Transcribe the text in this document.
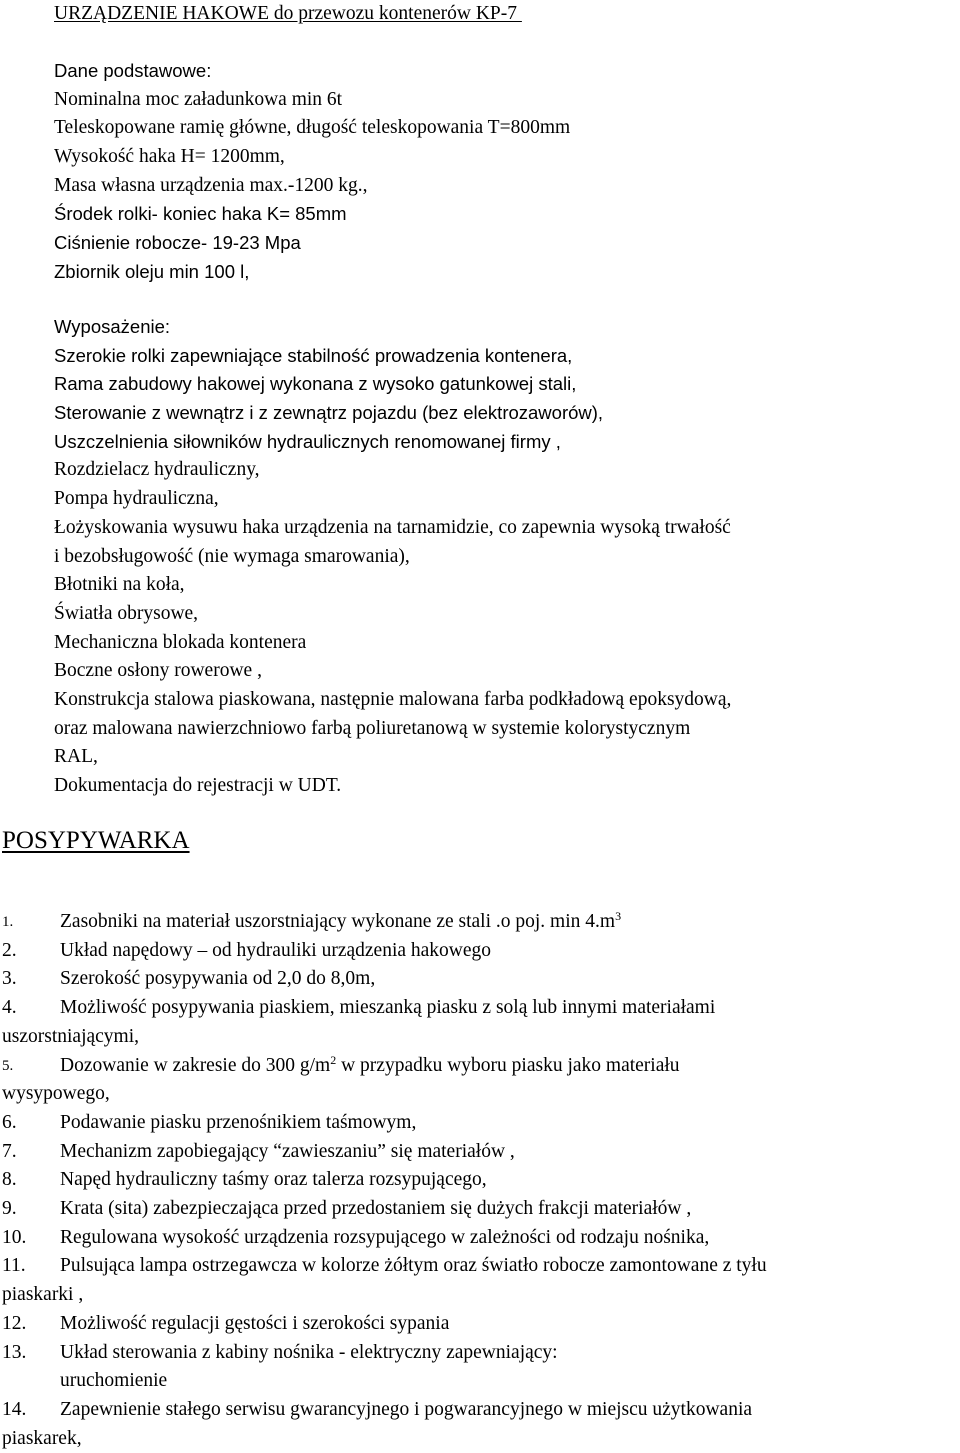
URZĄDZENIE HAKOWE do przewozu kontenerów KP-7
Dane podstawowe:
Nominalna moc załadunkowa min 6t
Teleskopowane ramię główne, długość teleskopowania T=800mm
Wysokość haka H= 1200mm,
Masa własna urządzenia max.-1200 kg.,
Środek rolki- koniec haka K= 85mm
Ciśnienie robocze- 19-23 Mpa
Zbiornik oleju min 100 l,
Wyposażenie:
Szerokie rolki zapewniające stabilność prowadzenia kontenera,
Rama zabudowy hakowej wykonana z wysoko gatunkowej stali,
Sterowanie z wewnątrz i z zewnątrz pojazdu (bez elektrozaworów),
Uszczelnienia siłowników hydraulicznych renomowanej firmy ,
Rozdzielacz hydrauliczny,
Pompa hydrauliczna,
Łożyskowania wysuwu haka urządzenia na tarnamidzie, co zapewnia wysoką trwałość
i bezobsługowość (nie wymaga smarowania),
Błotniki na koła,
Światła obrysowe,
Mechaniczna blokada kontenera
Boczne osłony rowerowe ,
Konstrukcja stalowa piaskowana, następnie malowana farba podkładową epoksydową,
oraz malowana nawierzchniowo farbą poliuretanową w systemie kolorystycznym
RAL,
Dokumentacja do rejestracji w UDT.
POSYPYWARKA
1. Zasobniki na materiał uszorstniający wykonane ze stali .o poj. $\min 4.m^3$
2. Układ napędowy – od hydrauliki urządzenia hakowego
3. Szerokość posypywania od 2,0 do 8,0m,
4. Możliwość posypywania piaskiem, mieszanką piasku z solą lub innymi materiałami
uszorstniającymi,
5. Dozowanie w zakresie do 300 $g/m^2$ w przypadku wyboru piasku jako materiału
wysypowego,
6. Podawanie piasku przenośnikiem taśmowym,
7. Mechanizm zapobiegający “zawieszaniu” się materiałów ,
8. Napęd hydrauliczny taśmy oraz talerza rozsypującego,
9. Krata (sita) zabezpieczająca przed przedostaniem się dużych frakcji materiałów ,
10. Regulowana wysokość urządzenia rozsypującego w zależności od rodzaju nośnika,
11. Pulsująca lampa ostrzegawcza w kolorze żółtym oraz światło robocze zamontowane z tyłu
piaskarki ,
12. Możliwość regulacji gęstości i szerokości sypania
13. Układ sterowania z kabiny nośnika - elektryczny zapewniający:
uruchomienie
14. Zapewnienie stałego serwisu gwarancyjnego i pogwarancyjnego w miejscu użytkowania
piaskarek,
